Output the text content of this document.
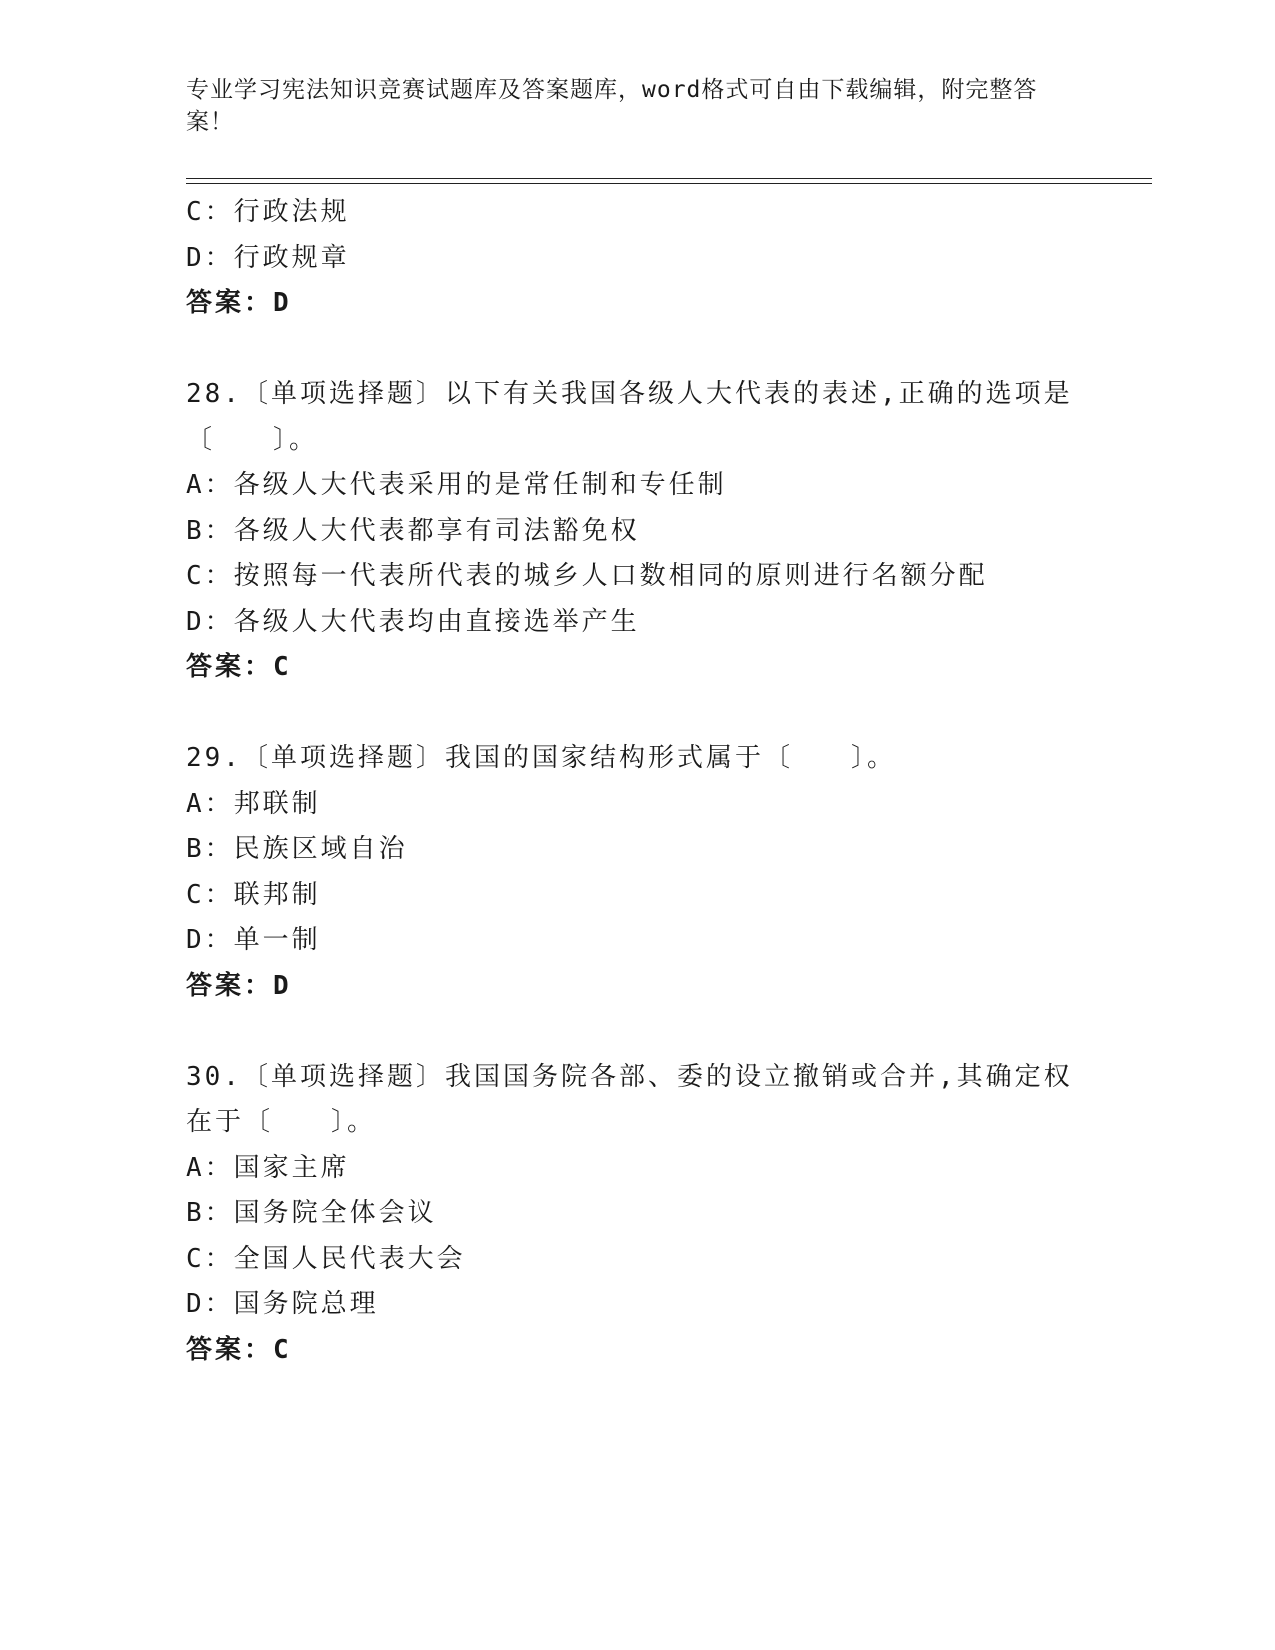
专业学习宪法知识竞赛试题库及答案题库，word格式可自由下载编辑，附完整答
案！
C：行政法规
D：行政规章
答案：D
28.〔单项选择题〕以下有关我国各级人大代表的表述,正确的选项是
〔　　〕。
A：各级人大代表采用的是常任制和专任制
B：各级人大代表都享有司法豁免权
C：按照每一代表所代表的城乡人口数相同的原则进行名额分配
D：各级人大代表均由直接选举产生
答案：C
29.〔单项选择题〕我国的国家结构形式属于〔　　〕。
A：邦联制
B：民族区域自治
C：联邦制
D：单一制
答案：D
30.〔单项选择题〕我国国务院各部、委的设立撤销或合并,其确定权
在于〔　　〕。
A：国家主席
B：国务院全体会议
C：全国人民代表大会
D：国务院总理
答案：C
